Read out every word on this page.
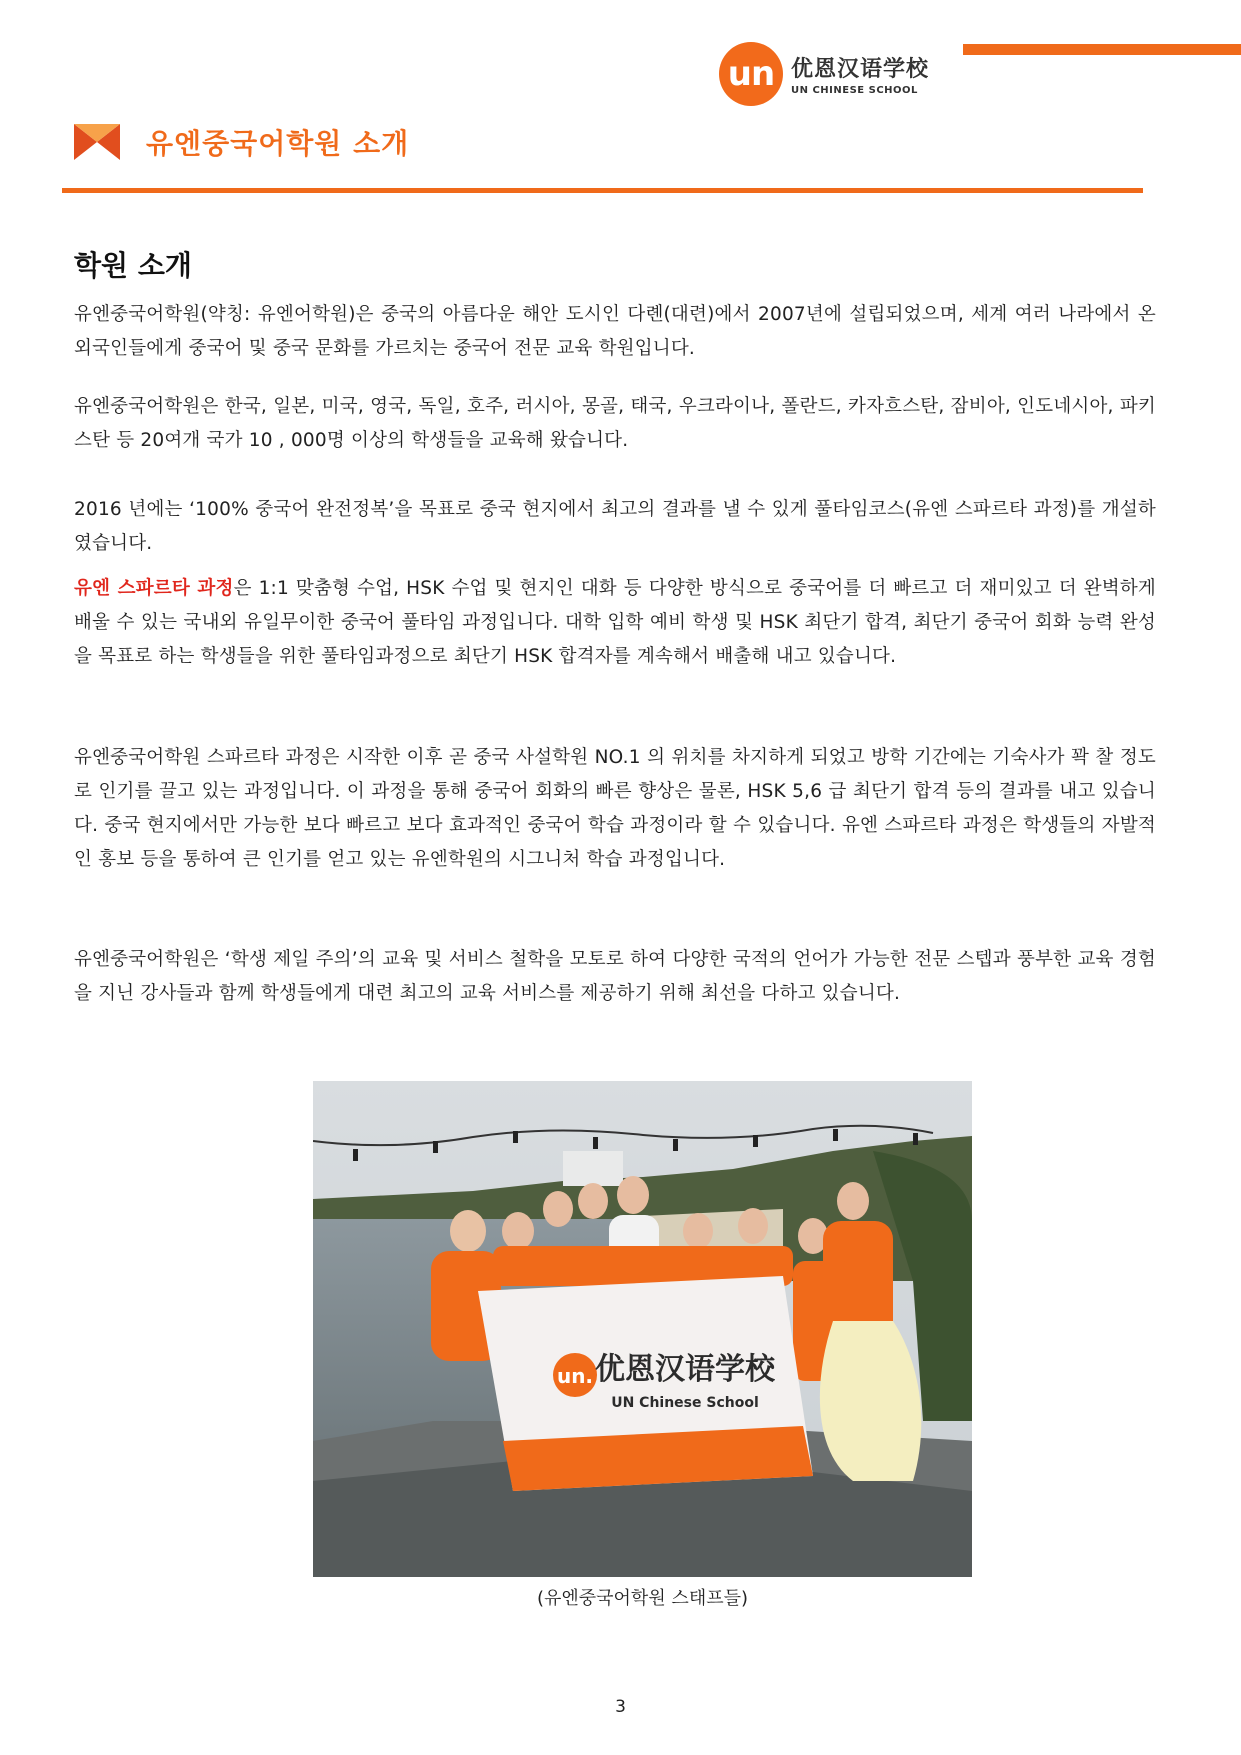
un 优恩汉语学校
UN CHINESE SCHOOL
유엔중국어학원 소개
학원 소개
유엔중국어학원(약칭: 유엔어학원)은 중국의 아름다운 해안 도시인 다롄(대련)에서 2007년에 설립되었으며, 세계 여러 나라에서 온 외국인들에게 중국어 및 중국 문화를 가르치는 중국어 전문 교육 학원입니다.
유엔중국어학원은 한국, 일본, 미국, 영국, 독일, 호주, 러시아, 몽골, 태국, 우크라이나, 폴란드, 카자흐스탄, 잠비아, 인도네시아, 파키스탄 등 20여개 국가 10 , 000명 이상의 학생들을 교육해 왔습니다.
2016 년에는 ‘100% 중국어 완전정복’을 목표로 중국 현지에서 최고의 결과를 낼 수 있게 풀타임코스(유엔 스파르타 과정)를 개설하였습니다.
유엔 스파르타 과정은 1:1 맞춤형 수업, HSK 수업 및 현지인 대화 등 다양한 방식으로 중국어를 더 빠르고 더 재미있고 더 완벽하게 배울 수 있는 국내외 유일무이한 중국어 풀타임 과정입니다. 대학 입학 예비 학생 및 HSK 최단기 합격, 최단기 중국어 회화 능력 완성을 목표로 하는 학생들을 위한 풀타임과정으로 최단기 HSK 합격자를 계속해서 배출해 내고 있습니다.
유엔중국어학원 스파르타 과정은 시작한 이후 곧 중국 사설학원 NO.1 의 위치를 차지하게 되었고 방학 기간에는 기숙사가 꽉 찰 정도로 인기를 끌고 있는 과정입니다. 이 과정을 통해 중국어 회화의 빠른 향상은 물론, HSK 5,6 급 최단기 합격 등의 결과를 내고 있습니다. 중국 현지에서만 가능한 보다 빠르고 보다 효과적인 중국어 학습 과정이라 할 수 있습니다. 유엔 스파르타 과정은 학생들의 자발적인 홍보 등을 통하여 큰 인기를 얻고 있는 유엔학원의 시그니처 학습 과정입니다.
유엔중국어학원은 ‘학생 제일 주의’의 교육 및 서비스 철학을 모토로 하여 다양한 국적의 언어가 가능한 전문 스텝과 풍부한 교육 경험을 지닌 강사들과 함께 학생들에게 대련 최고의 교육 서비스를 제공하기 위해 최선을 다하고 있습니다.
un. 优恩汉语学校
UN Chinese School
(유엔중국어학원 스태프들)
3
